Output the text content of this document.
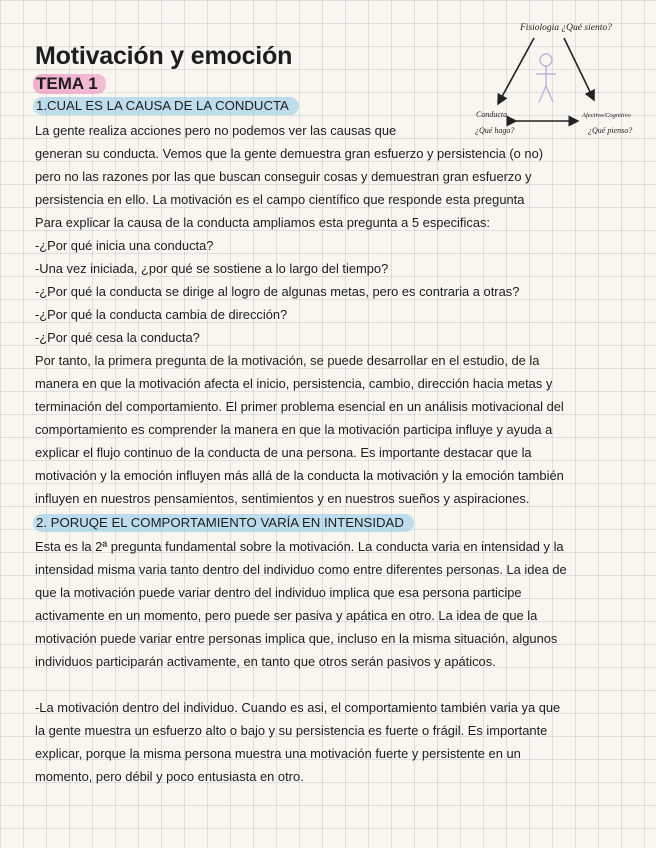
Motivación y emoción
TEMA 1
1.CUAL ES LA CAUSA DE LA CONDUCTA
La gente realiza acciones pero no podemos ver las causas que
generan su conducta. Vemos que la gente demuestra gran esfuerzo y persistencia (o no)
pero no las razones por las que buscan conseguir cosas y demuestran gran esfuerzo y
persistencia en ello. La motivación es el campo científico que responde esta pregunta
Para explicar la causa de la conducta ampliamos esta pregunta a 5 especificas:
-¿Por qué inicia una conducta?
-Una vez iniciada, ¿por qué se sostiene a lo largo del tiempo?
-¿Por qué la conducta se dirige al logro de algunas metas, pero es contraria a otras?
-¿Por qué la conducta cambia de dirección?
-¿Por qué cesa la conducta?
Por tanto, la primera pregunta de la motivación, se puede desarrollar en el estudio, de la
manera en que la motivación afecta el inicio, persistencia, cambio, dirección hacia metas y
terminación del comportamiento. El primer problema esencial en un análisis motivacional del
comportamiento es comprender la manera en que la motivación participa influye y ayuda a
explicar el flujo continuo de la conducta de una persona. Es importante destacar que la
motivación y la emoción influyen más allá de la conducta la motivación y la emoción también
influyen en nuestros pensamientos, sentimientos y en nuestros sueños y aspiraciones.
2. PORUQE EL COMPORTAMIENTO VARÍA EN INTENSIDAD
Esta es la 2ª pregunta fundamental sobre la motivación. La conducta varia en intensidad y la
intensidad misma varia tanto dentro del individuo como entre diferentes personas. La idea de
que la motivación puede variar dentro del individuo implica que esa persona participe
activamente en un momento, pero puede ser pasiva y apática en otro. La idea de que la
motivación puede variar entre personas implica que, incluso en la misma situación, algunos
individuos participarán activamente, en tanto que otros serán pasivos y apáticos.
-La motivación dentro del individuo. Cuando es asi, el comportamiento también varia ya que
la gente muestra un esfuerzo alto o bajo y su persistencia es fuerte o frágil. Es importante
explicar, porque la misma persona muestra una motivación fuerte y persistente en un
momento, pero débil y poco entusiasta en otro.
Fisiologia ¿Qué siento?
Conducta
¿Qué hago?
Afectivo/Cognitivo
¿Qué pienso?
